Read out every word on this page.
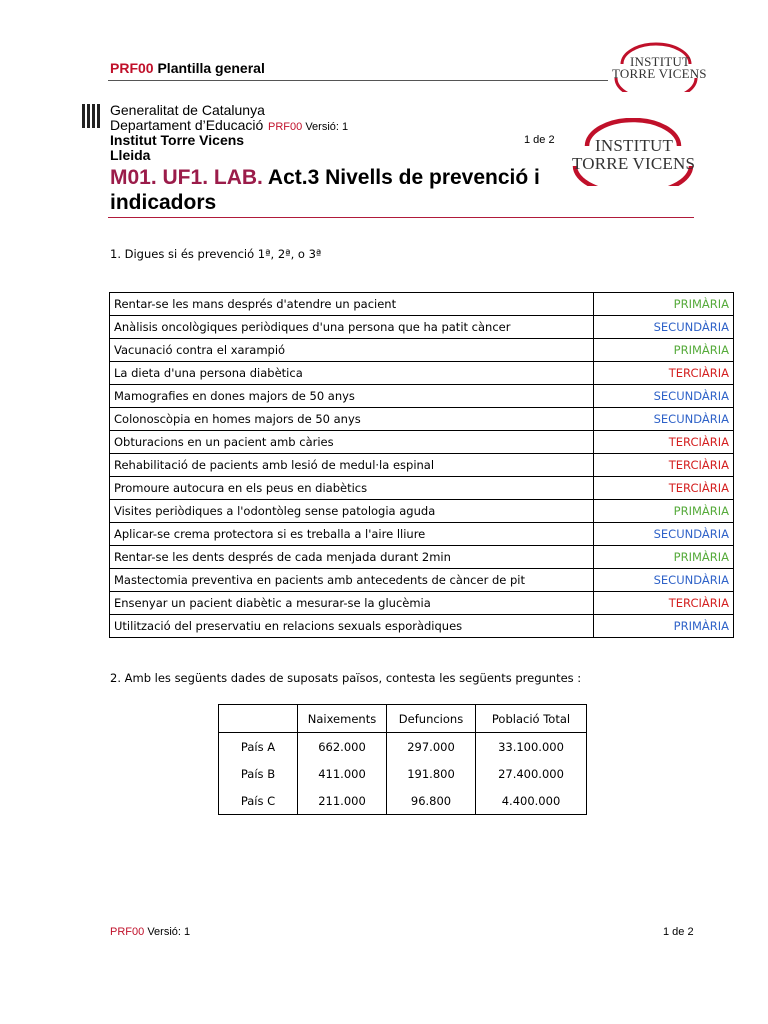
PRF00 Plantilla general	INSTITUT
TORRE VICENS
Generalitat de Catalunya
Departament d’Educació
Institut Torre Vicens
Lleida
PRF00 Versió: 1
1 de 2 INSTITUT
TORRE VICENS
M01. UF1. LAB. Act.3 Nivells de prevenció i indicadors
1. Digues si és prevenció 1ª, 2ª, o 3ª
Rentar-se les mans després d'atendre un pacient	PRIMÀRIA
Anàlisis oncològiques periòdiques d'una persona que ha patit càncer	SECUNDÀRIA
Vacunació contra el xarampió	PRIMÀRIA
La dieta d'una persona diabètica	TERCIÀRIA
Mamografies en dones majors de 50 anys	SECUNDÀRIA
Colonoscòpia en homes majors de 50 anys	SECUNDÀRIA
Obturacions en un pacient amb càries	TERCIÀRIA
Rehabilitació de pacients amb lesió de medul·la espinal	TERCIÀRIA
Promoure autocura en els peus en diabètics	TERCIÀRIA
Visites periòdiques a l'odontòleg sense patologia aguda	PRIMÀRIA
Aplicar-se crema protectora si es treballa a l'aire lliure	SECUNDÀRIA
Rentar-se les dents després de cada menjada durant 2min	PRIMÀRIA
Mastectomia preventiva en pacients amb antecedents de càncer de pit	SECUNDÀRIA
Ensenyar un pacient diabètic a mesurar-se la glucèmia	TERCIÀRIA
Utilització del preservatiu en relacions sexuals esporàdiques	PRIMÀRIA
2. Amb les següents dades de suposats països, contesta les següents preguntes :
	Naixements	Defuncions	Població Total
País A	662.000	297.000	33.100.000
País B	411.000	191.800	27.400.000
País C	211.000	96.800	4.400.000
PRF00 Versió: 1	1 de 2
